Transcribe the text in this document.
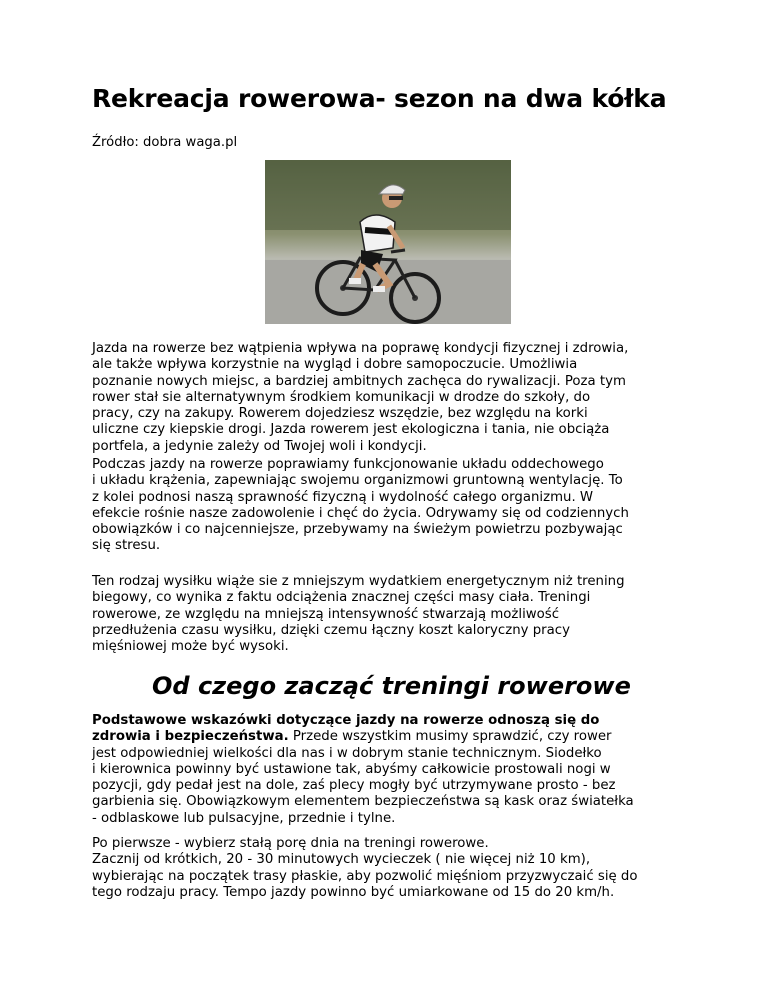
Rekreacja rowerowa- sezon na dwa kółka
Źródło: dobra waga.pl

Jazda na rowerze bez wątpienia wpływa na poprawę kondycji fizycznej i zdrowia,
ale także wpływa korzystnie na wygląd i dobre samopoczucie. Umożliwia
poznanie nowych miejsc, a bardziej ambitnych zachęca do rywalizacji. Poza tym
rower stał sie alternatywnym środkiem komunikacji w drodze do szkoły, do
pracy, czy na zakupy. Rowerem dojedziesz wszędzie, bez względu na korki
uliczne czy kiepskie drogi. Jazda rowerem jest ekologiczna i tania, nie obciąża
portfela, a jedynie zależy od Twojej woli i kondycji.

Podczas jazdy na rowerze poprawiamy funkcjonowanie układu oddechowego
i układu krążenia, zapewniając swojemu organizmowi gruntowną wentylację. To
z kolei podnosi naszą sprawność fizyczną i wydolność całego organizmu. W
efekcie rośnie nasze zadowolenie i chęć do życia. Odrywamy się od codziennych
obowiązków i co najcenniejsze, przebywamy na świeżym powietrzu pozbywając
się stresu.

Ten rodzaj wysiłku wiąże sie z mniejszym wydatkiem energetycznym niż trening
biegowy, co wynika z faktu odciążenia znacznej części masy ciała. Treningi
rowerowe, ze względu na mniejszą intensywność stwarzają możliwość
przedłużenia czasu wysiłku, dzięki czemu łączny koszt kaloryczny pracy
mięśniowej może być wysoki.

Od czego zacząć treningi rowerowe

Podstawowe wskazówki dotyczące jazdy na rowerze odnoszą się do
zdrowia i bezpieczeństwa. Przede wszystkim musimy sprawdzić, czy rower
jest odpowiedniej wielkości dla nas i w dobrym stanie technicznym. Siodełko
i kierownica powinny być ustawione tak, abyśmy całkowicie prostowali nogi w
pozycji, gdy pedał jest na dole, zaś plecy mogły być utrzymywane prosto - bez
garbienia się. Obowiązkowym elementem bezpieczeństwa są kask oraz światełka
- odblaskowe lub pulsacyjne, przednie i tylne.

Po pierwsze - wybierz stałą porę dnia na treningi rowerowe.
Zacznij od krótkich, 20 - 30 minutowych wycieczek ( nie więcej niż 10 km),
wybierając na początek trasy płaskie, aby pozwolić mięśniom przyzwyczaić się do
tego rodzaju pracy. Tempo jazdy powinno być umiarkowane od 15 do 20 km/h.
